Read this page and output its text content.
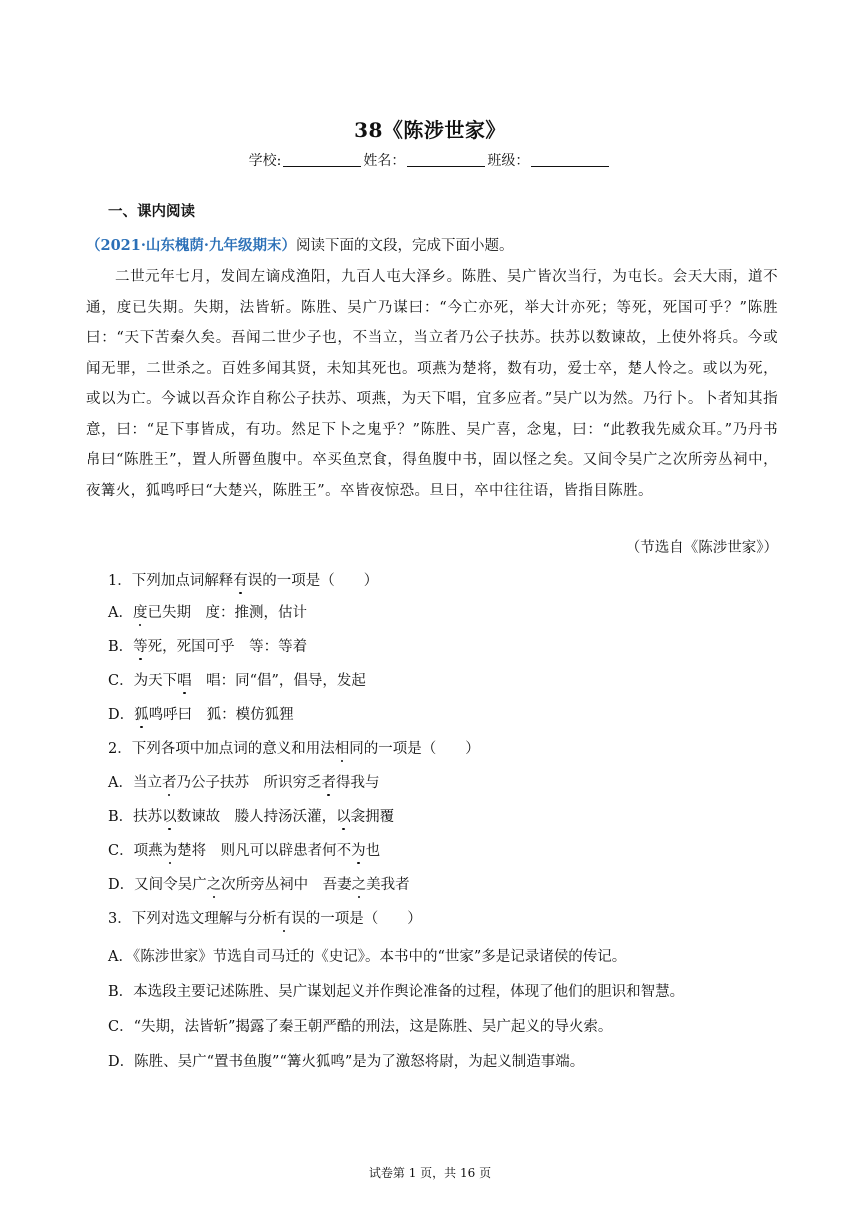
38《陈涉世家》
学校:	姓名：	班级：
一、课内阅读
（2021·山东槐荫·九年级期末）阅读下面的文段，完成下面小题。
二世元年七月，发闾左谪戍渔阳，九百人屯大泽乡。陈胜、吴广皆次当行，为屯长。会天大雨，道不通，度已失期。失期，法皆斩。陈胜、吴广乃谋曰：“今亡亦死，举大计亦死；等死，死国可乎？”陈胜曰：“天下苦秦久矣。吾闻二世少子也，不当立，当立者乃公子扶苏。扶苏以数谏故，上使外将兵。今或闻无罪，二世杀之。百姓多闻其贤，未知其死也。项燕为楚将，数有功，爱士卒，楚人怜之。或以为死，或以为亡。今诚以吾众诈自称公子扶苏、项燕，为天下唱，宜多应者。”吴广以为然。乃行卜。卜者知其指意，曰：“足下事皆成，有功。然足下卜之鬼乎？”陈胜、吴广喜，念鬼，曰：“此教我先威众耳。”乃丹书帛曰“陈胜王”，置人所罾鱼腹中。卒买鱼烹食，得鱼腹中书，固以怪之矣。又间令吴广之次所旁丛祠中，夜篝火，狐鸣呼曰“大楚兴，陈胜王”。卒皆夜惊恐。旦日，卒中往往语，皆指目陈胜。
（节选自《陈涉世家》）
1．下列加点词解释有误的一项是（　　）
A．度已失期　度：推测，估计
B．等死，死国可乎　等：等着
C．为天下唱　唱：同“倡”，倡导，发起
D．狐鸣呼曰　狐：模仿狐狸
2．下列各项中加点词的意义和用法相同的一项是（　　）
A．当立者乃公子扶苏　所识穷乏者得我与
B．扶苏以数谏故　媵人持汤沃灌，以衾拥覆
C．项燕为楚将　则凡可以辟患者何不为也
D．又间令吴广之次所旁丛祠中　吾妻之美我者
3．下列对选文理解与分析有误的一项是（　　）
A．《陈涉世家》节选自司马迁的《史记》。本书中的“世家”多是记录诸侯的传记。
B．本选段主要记述陈胜、吴广谋划起义并作舆论准备的过程，体现了他们的胆识和智慧。
C．“失期，法皆斩”揭露了秦王朝严酷的刑法，这是陈胜、吴广起义的导火索。
D．陈胜、吴广“置书鱼腹”“篝火狐鸣”是为了激怒将尉，为起义制造事端。
试卷第 1 页，共 16 页
